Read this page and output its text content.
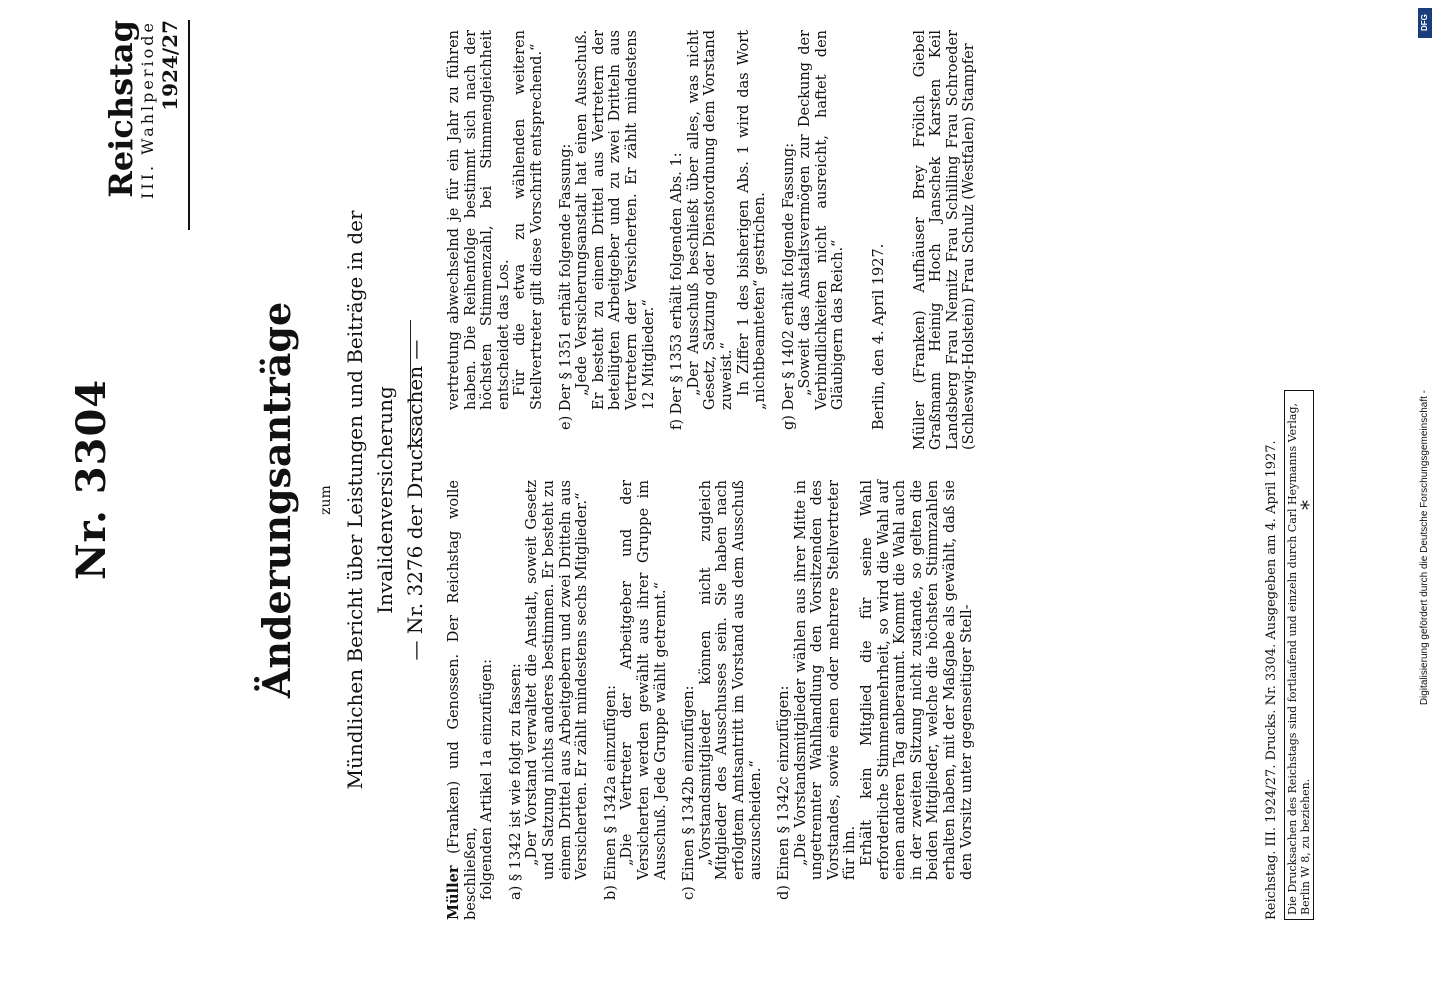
Nr. 3304
Reichstag
III. Wahlperiode 1924/27
Änderungsanträge zum Mündlichen Bericht über Leistungen und Beiträge in der Invalidenversicherung — Nr. 3276 der Drucksachen —

Müller (Franken) und Genossen. Der Reichstag wolle beschließen, folgenden Artikel 1a einzufügen: a) § 1342 ist wie folgt zu fassen: „Der Vorstand verwaltet die Anstalt, soweit Gesetz und Satzung nichts anderes bestimmen. Er besteht zu einem Drittel aus Arbeitgebern und zwei Dritteln aus Versicherten. Er zählt mindestens sechs Mitglieder.“ b) Einen § 1342a einzufügen: „Die Vertreter der Arbeitgeber und der Versicherten werden gewählt aus ihrer Gruppe im Ausschuß. Jede Gruppe wählt getrennt.“ c) Einen § 1342b einzufügen: „Vorstandsmitglieder können nicht zugleich Mitglieder des Ausschusses sein. Sie haben nach erfolgtem Amtsantritt im Vorstand aus dem Ausschuß auszuscheiden.“ d) Einen § 1342c einzufügen: „Die Vorstandsmitglieder wählen aus ihrer Mitte in ungetrennter Wahlhandlung den Vorsitzenden des Vorstandes, sowie einen oder mehrere Stellvertreter für ihn. Erhält kein Mitglied die für seine Wahl erforderliche Stimmenmehrheit, so wird die Wahl auf einen anderen Tag anberaumt. Kommt die Wahl auch in der zweiten Sitzung nicht zustande, so gelten die beiden Mitglieder, welche die höchsten Stimmzahlen erhalten haben, mit der Maßgabe als gewählt, daß sie den Vorsitz unter gegenseitiger Stell-

vertretung abwechselnd je für ein Jahr zu führen haben. Die Reihenfolge bestimmt sich nach der höchsten Stimmenzahl, bei Stimmengleichheit entscheidet das Los. Für die etwa zu wählenden weiteren Stellvertreter gilt diese Vorschrift entsprechend.“ e) Der § 1351 erhält folgende Fassung: „Jede Versicherungsanstalt hat einen Ausschuß. Er besteht zu einem Drittel aus Vertretern der beteiligten Arbeitgeber und zu zwei Dritteln aus Vertretern der Versicherten. Er zählt mindestens 12 Mitglieder.“ f) Der § 1353 erhält folgenden Abs. 1: „Der Ausschuß beschließt über alles, was nicht Gesetz, Satzung oder Dienstordnung dem Vorstand zuweist.“ In Ziffer 1 des bisherigen Abs. 1 wird das Wort „nichtbeamteten“ gestrichen. g) Der § 1402 erhält folgende Fassung: „Soweit das Anstaltsvermögen zur Deckung der Verbindlichkeiten nicht ausreicht, haftet den Gläubigern das Reich.“ Berlin, den 4. April 1927. Müller (Franken) Aufhäuser Brey Frölich Giebel Graßmann Heinig Hoch Janschek Karsten Keil Landsberg Frau Nemitz Frau Schilling Frau Schroeder (Schleswig-Holstein) Frau Schulz (Westfalen) Stampfer

Reichstag. III. 1924/27. Drucks. Nr. 3304. Ausgegeben am 4. April 1927. Die Drucksachen des Reichstags sind fortlaufend und einzeln durch Carl Heymanns Verlag, Berlin W 8, zu beziehen.
*	Digitalisierung gefördert durch die Deutsche Forschungsgemeinschaft -
DFG
